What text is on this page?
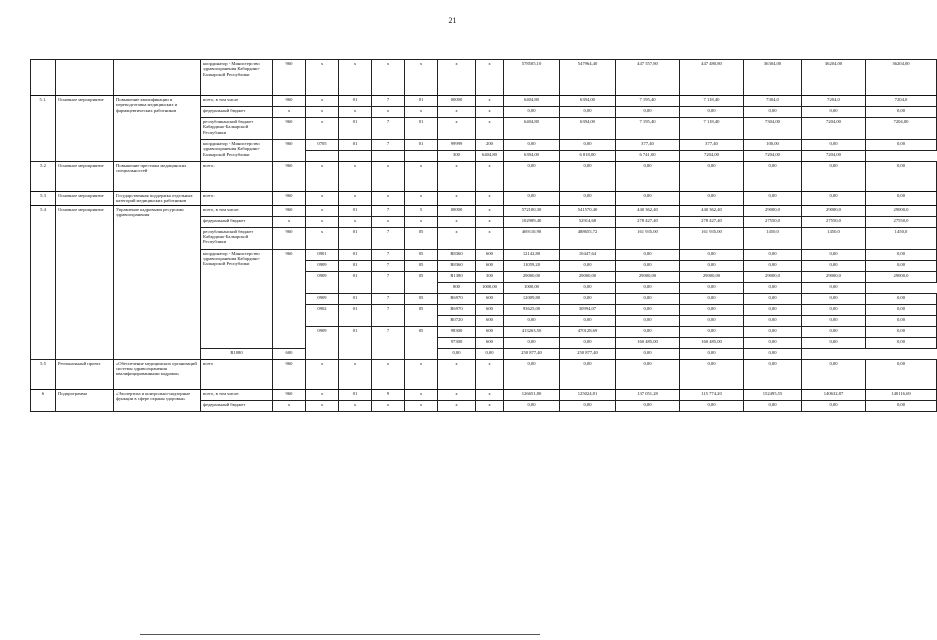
21
			координатор - Министерство здравоохранения Кабардино-Балкарской Республики	960	x	x	x	x	x	x	578505,10	547964,40	447 557,80	447 480,80	36304,00	36204,00	36204,00
5.1.	Основное мероприятие	Повышение квалификации и переподготовка медицинских и фармацевтических работников	всего, в том числе	960	x	01	7	01	00000	x	6404,80	6394,00	7 195,40	7 118,40	7304,0	7204,0	7204,0
			федеральный бюджет	x	x	x	x	x	x	x	0,00	0,00	0,00	0,00	0,00	0,00	0,00
			республиканский бюджет Кабардино-Балкарской Республики	960	x	01	7	01	x	x	6404,80	6394,00	7 195,40	7 118,40	7304,00	7204,00	7204,00
			координатор - Министерство здравоохранения Кабардино-Балкарской Республики	960	0705	01	7	01	99999	200	0,00	0,00	377,40	377,40	100,00	0,00	0,00
									300	6404,80	6394,00	6 818,00	6 741,00	7204,00	7204,00	7204,00	
5.2	Основное мероприятие	Повышение престижа медицинских специальностей	всего:	960	x	x	x	x	x	x	0,00	0,00	0,00	0,00	0,00	0,00	0,00
5.3	Основное мероприятие	Государственная поддержка отдельных категорий медицинских работников	всего:	960	x	x	x	x	x	x	0,00	0,00	0,00	0,00	0,00	0,00	0,00
5.4	Основное мероприятие	Управление кадровыми ресурсами здравоохранения	всего, в том числе:	960	x	01	7	5	00000	x	572100,30	541570,40	440 362,40	440 362,40	29000,0	29000,0	29000,0
			федеральный бюджет	x	x	x	x	x	x	x	102989,40	52914,68	278 427,40	278 427,40	27550,0	27550,0	27550,0
			республиканский бюджет Кабардино-Балкарской Республики	960	x	01	7	05	x	x	469110,90	488655,72	161 935,00	161 935,00	1450,0	1450,0	1450,0
			координатор - Министерство здравоохранения Кабардино-Балкарской Республики	960	0901	01	7	05	R8360	600	12142,80	10447,64	0,00	0,00	0,00	0,00	0,00
					0909	01	7	05	R8360	600	11059,20	0,00	0,00	0,00	0,00	0,00	0,00
					0909	01	7	05	R1380	300	29000,00	29000,00	29000,00	29000,00	29000,0	29000,0	29000,0
									800	1000,00	1000,00	0,00	0,00	0,00	0,00	0,00	
					0909	01	7	05	R6970	600	12009,80	0,00	0,00	0,00	0,00	0,00	0,00
					0902	01	7	05	R6970	600	93625,00	30994,07	0,00	0,00	0,00	0,00	0,00
									R0720	600	0,00	0,00	0,00	0,00	0,00	0,00	0,00
					0909	01	7	05	98300	600	413263,50	470128,69	0,00	0,00	0,00	0,00	0,00
									97300	600	0,00	0,00	160 485,00	160 485,00	0,00	0,00	0,00
			R1080	600					0,00	0,00	250 877,40	250 877,40	0,00	0,00	0,00		
5.5	Региональный проект	«Обеспечение медицинских организаций системы здравоохранения квалифицированными кадрами»	всего	960	x	x	x	x	x	x	0,00	0,00	0,00	0,00	0,00	0,00	0,00
6	Подпрограмма	«Экспертиза и контрольно-надзорные функции в сфере охраны здоровья»	всего, в том числе:	960	x	01	9	x	x	x	126651,80	125024,81	137 051,28	115 774,20	152495,55	140632,87	140116,69
			федеральный бюджет	x	x	x	x	x	x	x	0,00	0,00	0,00	0,00	0,00	0,00	0,00
